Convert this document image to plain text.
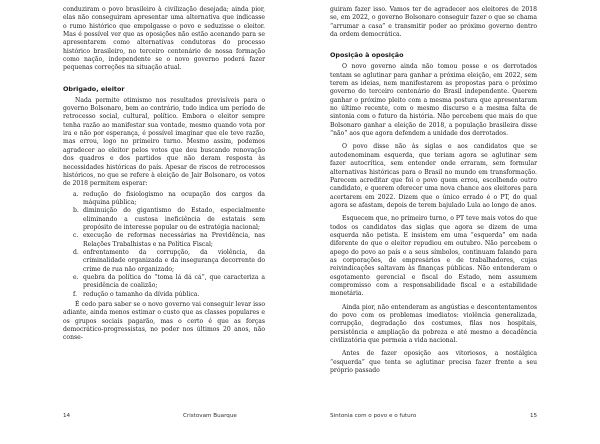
conduziram o povo brasileiro à civilização desejada; ainda pior, elas não conseguiram apresentar uma alternativa que indicasse o rumo histórico que empolgasse o povo e seduzisse o eleitor. Mas é possível ver que as oposições não estão acenando para se apresentarem como alternativas condutoras do processo histórico brasileiro, no terceiro centenário de nossa formação como nação, independente se o novo governo poderá fazer pequenas correções na situação atual.

Obrigado, eleitor

Nada permite otimismo nos resultados previsíveis para o governo Bolsonaro, bem ao contrário, tudo indica um período de retrocesso social, cultural, político. Embora o eleitor sempre tenha razão ao manifestar sua vontade, mesmo quando vota por ira e não por esperança, é possível imaginar que ele teve razão, mas errou, logo no primeiro turno. Mesmo assim, podemos agradecer ao eleitor pelos votos que deu buscando renovação dos quadros e dos partidos que não deram resposta às necessidades históricas do país. Apesar de riscos de retrocessos históricos, no que se refere à eleição de Jair Bolsonaro, os votos de 2018 permitem esperar:

a. redução do fisiologismo na ocupação dos cargos da máquina pública;
b. diminuição do gigantismo do Estado, especialmente eliminando a custosa ineficiência de estatais sem propósito de interesse popular ou de estratégia nacional;
c. execução de reformas necessárias na Previdência, nas Relações Trabalhistas e na Política Fiscal;
d. enfrentamento da corrupção, da violência, da criminalidade organizada e da insegurança decorrente do crime de rua não organizado;
e. quebra da política do “toma lá dá cá”, que caracteriza a presidência de coalizão;
f. redução o tamanho da dívida pública.

É cedo para saber se o novo governo vai conseguir levar isso adiante, ainda menos estimar o custo que as classes populares e os grupos sociais pagarão, mas o certo é que as forças democrático-progressistas, no poder nos últimos 20 anos, não conse-

14	Cristovam Buarque

guiram fazer isso. Vamos ter de agradecer aos eleitores de 2018 se, em 2022, o governo Bolsonaro conseguir fazer o que se chama “arrumar a casa” e transmitir poder ao próximo governo dentro da ordem democrática.

Oposição à oposição

O novo governo ainda não tomou posse e os derrotados tentam se aglutinar para ganhar a próxima eleição, em 2022, sem terem as ideias, nem manifestarem as propostas para o próximo governo do terceiro centenário do Brasil independente. Querem ganhar o próximo pleito com a mesma postura que apresentaram no último recente, com o mesmo discurso e a mesma falta de sintonia com o futuro da história. Não percebem que mais do que Bolsonaro ganhar a eleição de 2018, a população brasileira disse “não” aos que agora defendem a unidade dos derrotados.

O povo disse não às siglas e aos candidatos que se autodenominam esquerda, que teriam agora se aglutinar sem fazer autocrítica, sem entender onde erraram, sem formular alternativas históricas para o Brasil no mundo em transformação. Parecem acreditar que foi o povo quem errou, escolhendo outro candidato, e querem oferecer uma nova chance aos eleitores para acertarem em 2022. Dizem que o único errado é o PT, do qual agora se afastam, depois de terem bajulado Lula ao longo de anos.

Esquecem que, no primeiro turno, o PT teve mais votos do que todos os candidatos das siglas que agora se dizem de uma esquerda não petista. E insistem em uma “esquerda” em nada diferente do que o eleitor repudiou em outubro. Não percebem o apego do povo ao país e a seus símbolos, continuam falando para as corporações, de empresários e de trabalhadores, cujas reivindicações saltavam às finanças públicas. Não entenderam o esgotamento gerencial e fiscal do Estado, nem assumem compromisso com a responsabilidade fiscal e a estabilidade monetária.

Ainda pior, não entenderam as angústias e descontentamentos do povo com os problemas imediatos: violência generalizada, corrupção, degradação dos costumes, filas nos hospitais, persistência e ampliação da pobreza e até mesmo a decadência civilizatória que permeia a vida nacional.

Antes de fazer oposição aos vitoriosos, a nostálgica “esquerda” que tenta se aglutinar precisa fazer frente a seu próprio passado

Sintonia com o povo e o futuro	15
